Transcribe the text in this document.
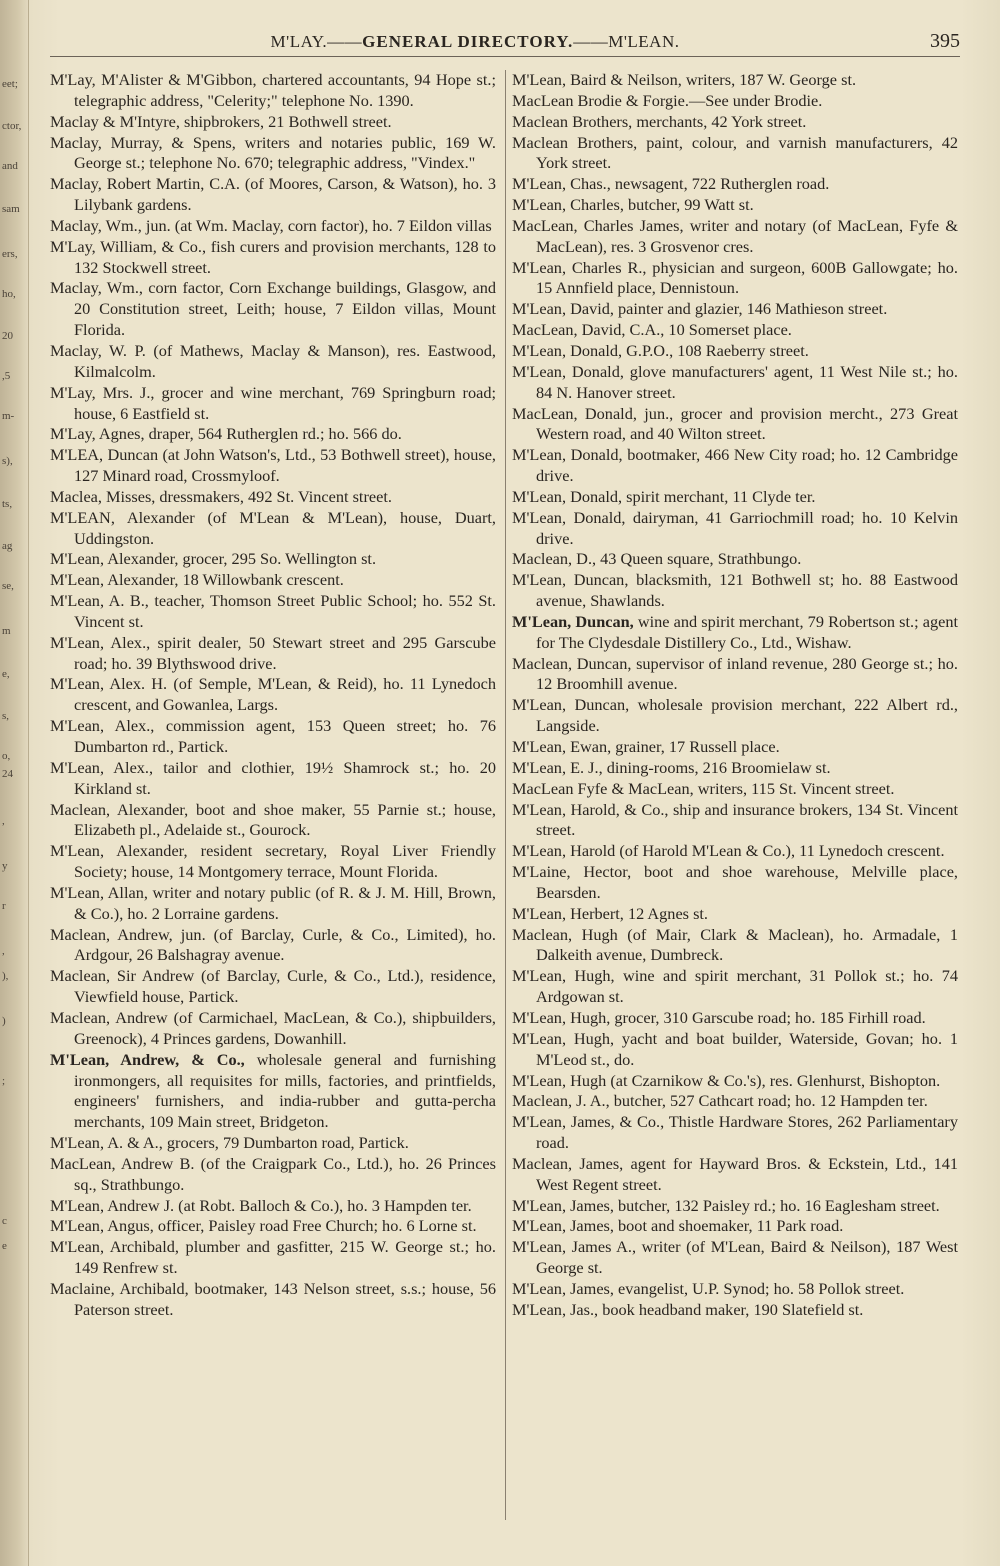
eet;
ctor,
and
sam
ers,
ho,
20
,5
m-
s),
ts,
ag
se,
m
e,
s,
o,
24
,
y
r
,
),
)
;
c
e
M'LAY.——GENERAL DIRECTORY.——M'LEAN.	395

M'Lay, M'Alister & M'Gibbon, chartered accountants, 94 Hope st.; telegraphic address, "Celerity;" telephone No. 1390.

Maclay & M'Intyre, shipbrokers, 21 Bothwell street.

Maclay, Murray, & Spens, writers and notaries public, 169 W. George st.; telephone No. 670; telegraphic address, "Vindex."

Maclay, Robert Martin, C.A. (of Moores, Carson, & Watson), ho. 3 Lilybank gardens.

Maclay, Wm., jun. (at Wm. Maclay, corn factor), ho. 7 Eildon villas

M'Lay, William, & Co., fish curers and provision merchants, 128 to 132 Stockwell street.

Maclay, Wm., corn factor, Corn Exchange buildings, Glasgow, and 20 Constitution street, Leith; house, 7 Eildon villas, Mount Florida.

Maclay, W. P. (of Mathews, Maclay & Manson), res. Eastwood, Kilmalcolm.

M'Lay, Mrs. J., grocer and wine merchant, 769 Springburn road; house, 6 Eastfield st.

M'Lay, Agnes, draper, 564 Rutherglen rd.; ho. 566 do.

M'LEA, Duncan (at John Watson's, Ltd., 53 Bothwell street), house, 127 Minard road, Crossmyloof.

Maclea, Misses, dressmakers, 492 St. Vincent street.

M'LEAN, Alexander (of M'Lean & M'Lean), house, Duart, Uddingston.

M'Lean, Alexander, grocer, 295 So. Wellington st.

M'Lean, Alexander, 18 Willowbank crescent.

M'Lean, A. B., teacher, Thomson Street Public School; ho. 552 St. Vincent st.

M'Lean, Alex., spirit dealer, 50 Stewart street and 295 Garscube road; ho. 39 Blythswood drive.

M'Lean, Alex. H. (of Semple, M'Lean, & Reid), ho. 11 Lynedoch crescent, and Gowanlea, Largs.

M'Lean, Alex., commission agent, 153 Queen street; ho. 76 Dumbarton rd., Partick.

M'Lean, Alex., tailor and clothier, 19½ Shamrock st.; ho. 20 Kirkland st.

Maclean, Alexander, boot and shoe maker, 55 Parnie st.; house, Elizabeth pl., Adelaide st., Gourock.

M'Lean, Alexander, resident secretary, Royal Liver Friendly Society; house, 14 Montgomery terrace, Mount Florida.

M'Lean, Allan, writer and notary public (of R. & J. M. Hill, Brown, & Co.), ho. 2 Lorraine gardens.

Maclean, Andrew, jun. (of Barclay, Curle, & Co., Limited), ho. Ardgour, 26 Balshagray avenue.

Maclean, Sir Andrew (of Barclay, Curle, & Co., Ltd.), residence, Viewfield house, Partick.

Maclean, Andrew (of Carmichael, MacLean, & Co.), shipbuilders, Greenock), 4 Princes gardens, Dowanhill.

M'Lean, Andrew, & Co., wholesale general and furnishing ironmongers, all requisites for mills, factories, and printfields, engineers' furnishers, and india-rubber and gutta-percha merchants, 109 Main street, Bridgeton.

M'Lean, A. & A., grocers, 79 Dumbarton road, Partick.

MacLean, Andrew B. (of the Craigpark Co., Ltd.), ho. 26 Princes sq., Strathbungo.

M'Lean, Andrew J. (at Robt. Balloch & Co.), ho. 3 Hampden ter.

M'Lean, Angus, officer, Paisley road Free Church; ho. 6 Lorne st.

M'Lean, Archibald, plumber and gasfitter, 215 W. George st.; ho. 149 Renfrew st.

Maclaine, Archibald, bootmaker, 143 Nelson street, s.s.; house, 56 Paterson street.

M'Lean, Baird & Neilson, writers, 187 W. George st.

MacLean Brodie & Forgie.—See under Brodie.

Maclean Brothers, merchants, 42 York street.

Maclean Brothers, paint, colour, and varnish manufacturers, 42 York street.

M'Lean, Chas., newsagent, 722 Rutherglen road.

M'Lean, Charles, butcher, 99 Watt st.

MacLean, Charles James, writer and notary (of MacLean, Fyfe & MacLean), res. 3 Grosvenor cres.

M'Lean, Charles R., physician and surgeon, 600B Gallowgate; ho. 15 Annfield place, Dennistoun.

M'Lean, David, painter and glazier, 146 Mathieson street.

MacLean, David, C.A., 10 Somerset place.

M'Lean, Donald, G.P.O., 108 Raeberry street.

M'Lean, Donald, glove manufacturers' agent, 11 West Nile st.; ho. 84 N. Hanover street.

MacLean, Donald, jun., grocer and provision mercht., 273 Great Western road, and 40 Wilton street.

M'Lean, Donald, bootmaker, 466 New City road; ho. 12 Cambridge drive.

M'Lean, Donald, spirit merchant, 11 Clyde ter.

M'Lean, Donald, dairyman, 41 Garriochmill road; ho. 10 Kelvin drive.

Maclean, D., 43 Queen square, Strathbungo.

M'Lean, Duncan, blacksmith, 121 Bothwell st; ho. 88 Eastwood avenue, Shawlands.

M'Lean, Duncan, wine and spirit merchant, 79 Robertson st.; agent for The Clydesdale Distillery Co., Ltd., Wishaw.

Maclean, Duncan, supervisor of inland revenue, 280 George st.; ho. 12 Broomhill avenue.

M'Lean, Duncan, wholesale provision merchant, 222 Albert rd., Langside.

M'Lean, Ewan, grainer, 17 Russell place.

M'Lean, E. J., dining-rooms, 216 Broomielaw st.

MacLean Fyfe & MacLean, writers, 115 St. Vincent street.

M'Lean, Harold, & Co., ship and insurance brokers, 134 St. Vincent street.

M'Lean, Harold (of Harold M'Lean & Co.), 11 Lynedoch crescent.

M'Laine, Hector, boot and shoe warehouse, Melville place, Bearsden.

M'Lean, Herbert, 12 Agnes st.

Maclean, Hugh (of Mair, Clark & Maclean), ho. Armadale, 1 Dalkeith avenue, Dumbreck.

M'Lean, Hugh, wine and spirit merchant, 31 Pollok st.; ho. 74 Ardgowan st.

M'Lean, Hugh, grocer, 310 Garscube road; ho. 185 Firhill road.

M'Lean, Hugh, yacht and boat builder, Waterside, Govan; ho. 1 M'Leod st., do.

M'Lean, Hugh (at Czarnikow & Co.'s), res. Glenhurst, Bishopton.

Maclean, J. A., butcher, 527 Cathcart road; ho. 12 Hampden ter.

M'Lean, James, & Co., Thistle Hardware Stores, 262 Parliamentary road.

Maclean, James, agent for Hayward Bros. & Eckstein, Ltd., 141 West Regent street.

M'Lean, James, butcher, 132 Paisley rd.; ho. 16 Eaglesham street.

M'Lean, James, boot and shoemaker, 11 Park road.

M'Lean, James A., writer (of M'Lean, Baird & Neilson), 187 West George st.

M'Lean, James, evangelist, U.P. Synod; ho. 58 Pollok street.

M'Lean, Jas., book headband maker, 190 Slatefield st.
